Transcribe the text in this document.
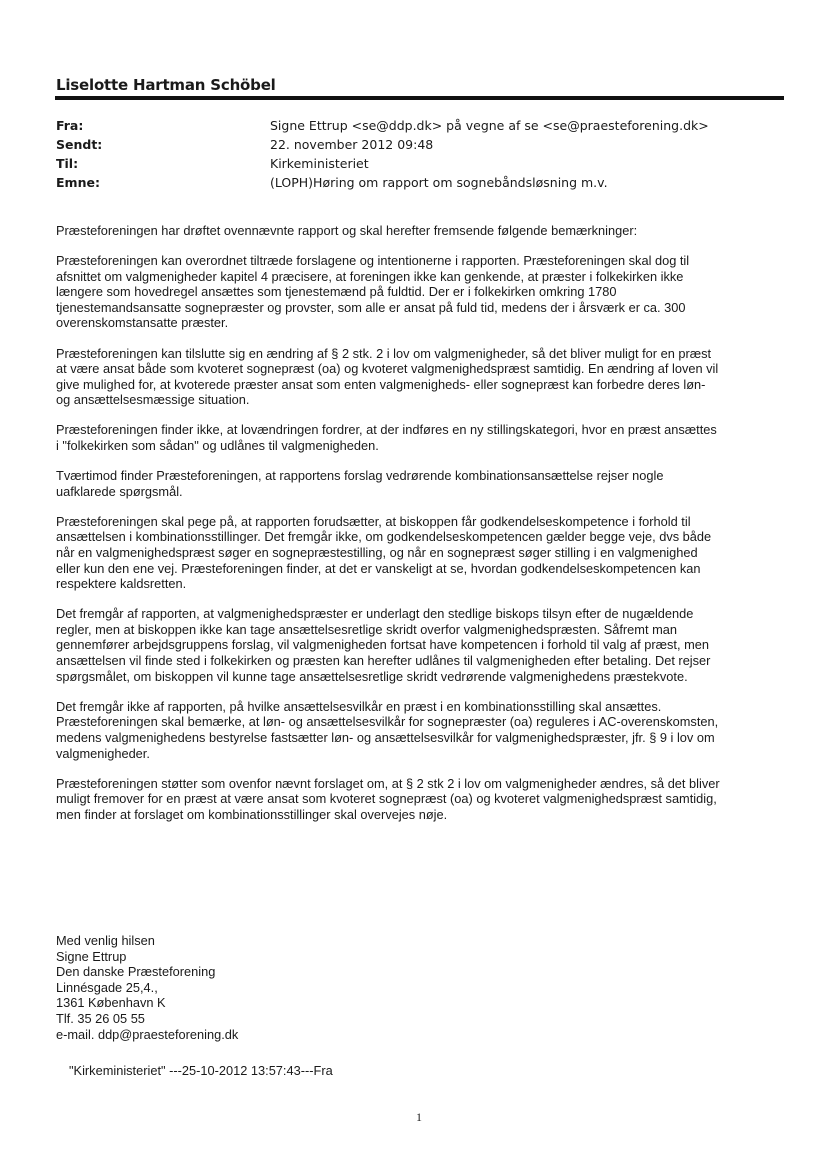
Liselotte Hartman Schöbel
Fra:	Signe Ettrup <se@ddp.dk> på vegne af se <se@praesteforening.dk>
Sendt:	22. november 2012 09:48
Til:	Kirkeministeriet
Emne:	(LOPH)Høring om rapport om sognebåndsløsning m.v.

Præsteforeningen har drøftet ovennævnte rapport og skal herefter fremsende følgende bemærkninger:

Præsteforeningen kan overordnet tiltræde forslagene og intentionerne i rapporten. Præsteforeningen skal dog til
afsnittet om valgmenigheder kapitel 4 præcisere, at foreningen ikke kan genkende, at præster i folkekirken ikke
længere som hovedregel ansættes som tjenestemænd på fuldtid. Der er i folkekirken omkring 1780
tjenestemandsansatte sognepræster og provster, som alle er ansat på fuld tid, medens der i årsværk er ca. 300
overenskomstansatte præster.

Præsteforeningen kan tilslutte sig en ændring af § 2 stk. 2 i lov om valgmenigheder, så det bliver muligt for en præst
at være ansat både som kvoteret sognepræst (oa) og kvoteret valgmenighedspræst samtidig. En ændring af loven vil
give mulighed for, at kvoterede præster ansat som enten valgmenigheds- eller sognepræst kan forbedre deres løn-
og ansættelsesmæssige situation.

Præsteforeningen finder ikke, at lovændringen fordrer, at der indføres en ny stillingskategori, hvor en præst ansættes
i "folkekirken som sådan" og udlånes til valgmenigheden.

Tværtimod finder Præsteforeningen, at rapportens forslag vedrørende kombinationsansættelse rejser nogle
uafklarede spørgsmål.

Præsteforeningen skal pege på, at rapporten forudsætter, at biskoppen får godkendelseskompetence i forhold til
ansættelsen i kombinationsstillinger. Det fremgår ikke, om godkendelseskompetencen gælder begge veje, dvs både
når en valgmenighedspræst søger en sognepræstestilling, og når en sognepræst søger stilling i en valgmenighed
eller kun den ene vej. Præsteforeningen finder, at det er vanskeligt at se, hvordan godkendelseskompetencen kan
respektere kaldsretten.

Det fremgår af rapporten, at valgmenighedspræster er underlagt den stedlige biskops tilsyn efter de nugældende
regler, men at biskoppen ikke kan tage ansættelsesretlige skridt overfor valgmenighedspræsten. Såfremt man
gennemfører arbejdsgruppens forslag, vil valgmenigheden fortsat have kompetencen i forhold til valg af præst, men
ansættelsen vil finde sted i folkekirken og præsten kan herefter udlånes til valgmenigheden efter betaling. Det rejser
spørgsmålet, om biskoppen vil kunne tage ansættelsesretlige skridt vedrørende valgmenighedens præstekvote.

Det fremgår ikke af rapporten, på hvilke ansættelsesvilkår en præst i en kombinationsstilling skal ansættes.
Præsteforeningen skal bemærke, at løn- og ansættelsesvilkår for sognepræster (oa) reguleres i AC-overenskomsten,
medens valgmenighedens bestyrelse fastsætter løn- og ansættelsesvilkår for valgmenighedspræster, jfr. § 9 i lov om
valgmenigheder.

Præsteforeningen støtter som ovenfor nævnt forslaget om, at § 2 stk 2 i lov om valgmenigheder ændres, så det bliver
muligt fremover for en præst at være ansat som kvoteret sognepræst (oa) og kvoteret valgmenighedspræst samtidig,
men finder at forslaget om kombinationsstillinger skal overvejes nøje.

Med venlig hilsen
Signe Ettrup
Den danske Præsteforening
Linnésgade 25,4.,
1361 København K
Tlf. 35 26 05 55
e-mail. ddp@praesteforening.dk
"Kirkeministeriet" ---25-10-2012 13:57:43---Fra
1
